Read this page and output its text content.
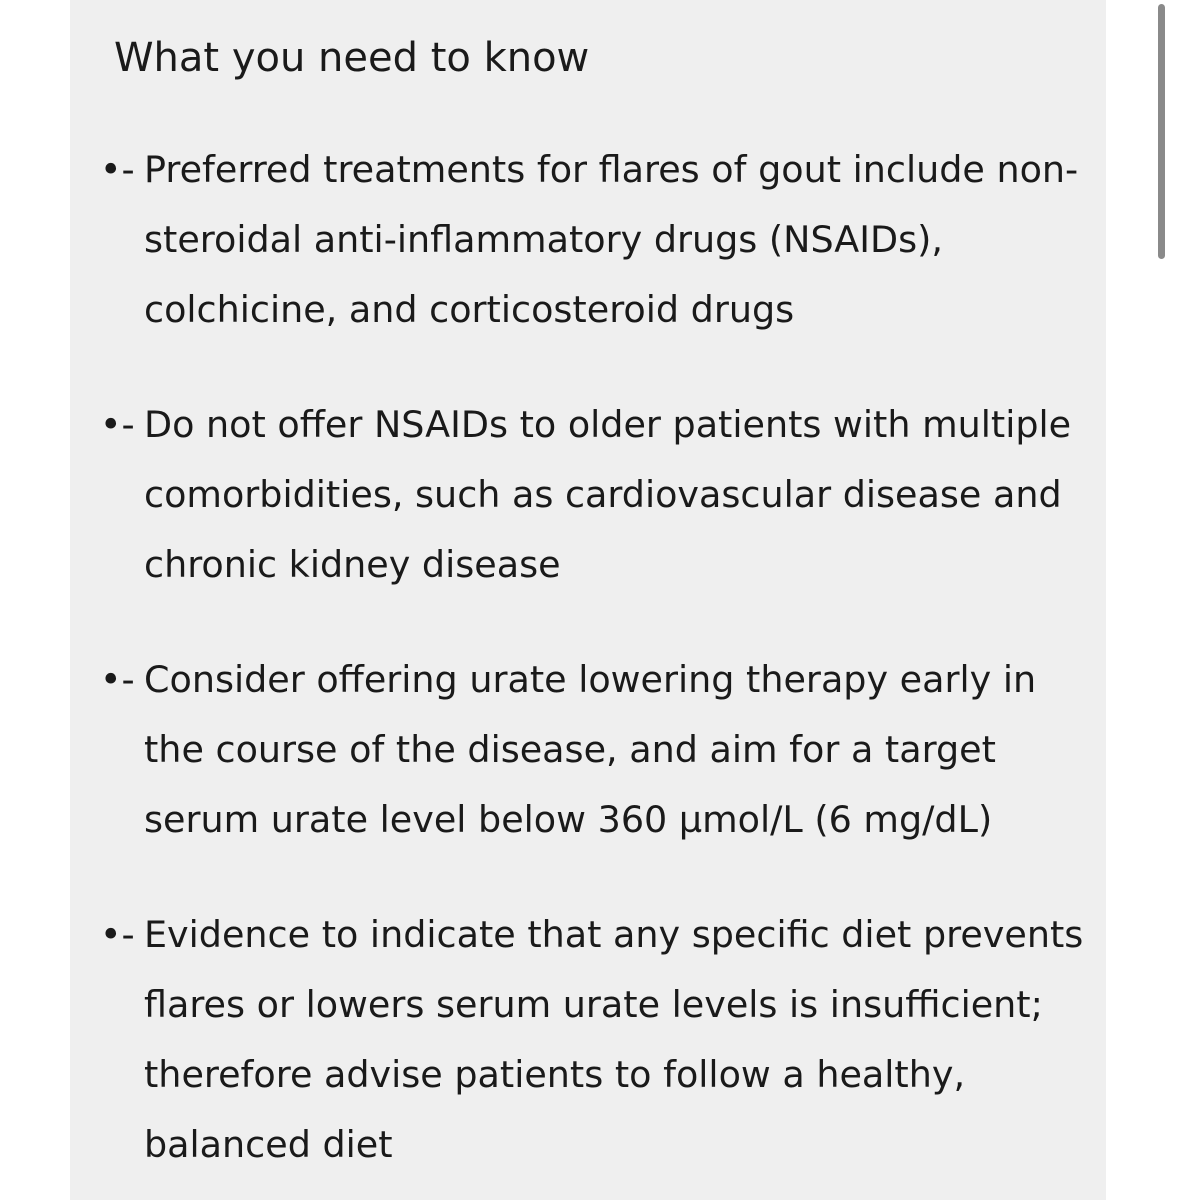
What you need to know
•- Preferred treatments for flares of gout include non-steroidal anti-inflammatory drugs (NSAIDs), colchicine, and corticosteroid drugs
•- Do not offer NSAIDs to older patients with multiple comorbidities, such as cardiovascular disease and chronic kidney disease
•- Consider offering urate lowering therapy early in the course of the disease, and aim for a target serum urate level below 360 µmol/L (6 mg/dL)
•- Evidence to indicate that any specific diet prevents flares or lowers serum urate levels is insufficient; therefore advise patients to follow a healthy, balanced diet
